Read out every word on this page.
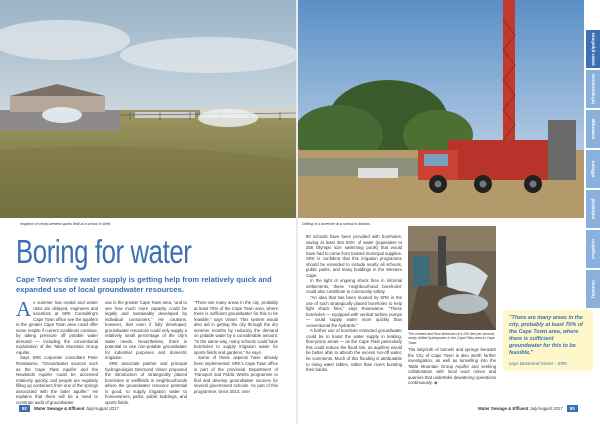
Irrigation of newly-seeded sports field at a school in Delft.
Boring for water
Cape Town's dire water supply is getting help from relatively quick and expanded use of local groundwater resources.

As summer has ended and winter rains are delayed, engineers and scientists at SRK Consulting's Cape Town office see the aquifers in the greater Cape Town area could offer some respite if current conditions continue, by taking pressure off potable water demand — including the conventional exploitation of the Table Mountain Group Aquifer.

Says SRK corporate consultant Peter Rosewarne, "Groundwater sources such as the Cape Flats Aquifer and the Newlands Aquifer could be accessed relatively quickly, and people are regularly filling up containers from one of the springs associated with the latter aquifer." He explains that there will be a need to constrain audit of groundwater

use in the greater Cape Town area, "and to see how much more capacity could be legally and sustainably developed by individual consumers." He cautions, however, that even if fully developed, groundwater resources could only supply a relatively small percentage of the city's water needs. Nevertheless, there is potential to use non-potable groundwater for industrial purposes and domestic irrigation.

SRK associate partner and principal hydrogeologist Desmond Visser proposed the introduction of strategically placed boreholes or wellfields in neighbourhoods where the groundwater resource potential is good, to supply irrigation water to homeowners, parks, public buildings, and sports fields.

"There are many areas in the city, probably at least 70% of the Cape Town area, where there is sufficient groundwater for this to be feasible," says Visser. This system would also aid in getting the city through the dry summer months by reducing the demand on potable water by a considerable amount. "In the same way, many schools could have boreholes to supply irrigation water for sports fields and gardens," he says.

Some of these aspects have already been implemented: SRK's Cape Town office is part of the provincial Department of Transport and Public Works programme to find and develop groundwater sources for several government schools. As part of this programme, since 2013, over

92 Water Sewage & Effluent July/August 2017
Drilling of a borehole at a school in Atlantis.

50 schools have been provided with boreholes, saving at least 304 000ℓ of water (equivalent to 256 Olympic size swimming pools) that would have had to come from treated municipal supplies. SRK is confident that this irrigation programme should be extended to include nearly all schools, public parks, and many buildings in the Western Cape.

In the light of ongoing shock fires in informal settlements, these 'neighbourhood boreholes' could also contribute to community safety.

"An idea that has been mooted by SRK is the use of such strategically placed boreholes to help fight shack fires," says Rosewarne. "These boreholes — equipped with vertical turbine pumps — could supply water more quickly than conventional fire hydrants."

A further use of borehole extracted groundwater could be to boost the water supply in leaking, flow-prone areas — as the Cape Flats particularly this could reduce the flood risk, as aquifers would be better able to absorb the excess run-off water, he comments. Much of this flooding is attributable to rising water tables, rather than rivers bursting their banks.

The cement and flow diversion of a 200 litre per second, newly drilled hydropower in the Cape Flats area in Cape Town.

The labyrinth of tunnels and springs beneath the City of Cape Town is also worth further investigation, as well as tunnelling into the Table Mountain Group Aquifer and seeking collaboration with local wool mines and quarries that undertake dewatering operations continuously. ◆

Water Sewage & Effluent July/August 2017 93
"There are many areas in the city, probably at least 70% of the Cape Town area, where there is sufficient groundwater for this to be feasible,"
says Desmond Visser - SRK.
water pipelines
infrastructure
sewerage
effluent
industrial
irrigation
features
